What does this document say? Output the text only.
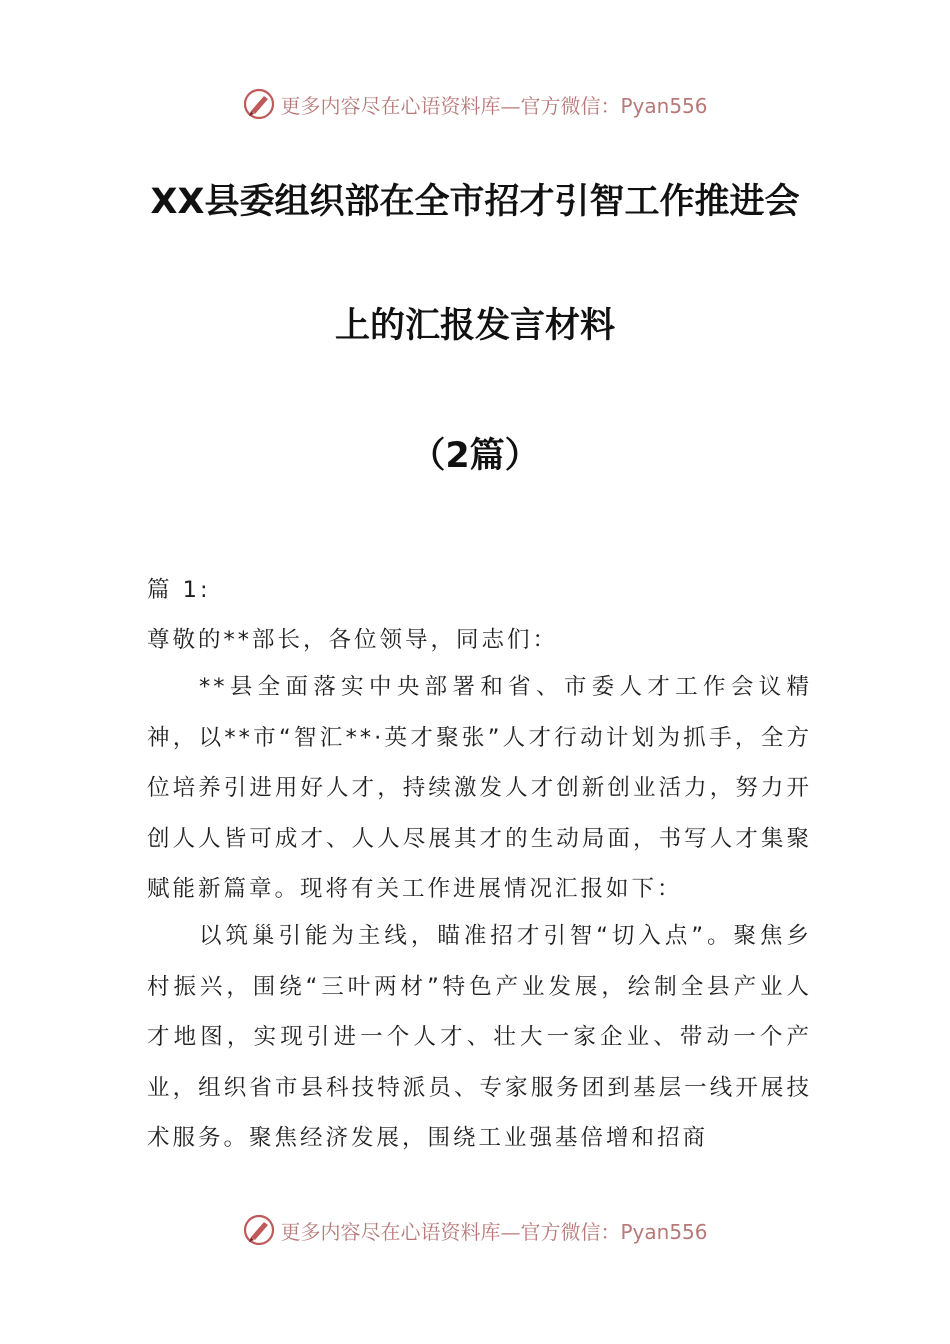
更多内容尽在心语资料库—官方微信：Pyan556
XX县委组织部在全市招才引智工作推进会
上的汇报发言材料
（2篇）
篇 1:
尊敬的**部长，各位领导，同志们：

**县全面落实中央部署和省、市委人才工作会议精神，以**市“智汇**·英才聚张”人才行动计划为抓手，全方位培养引进用好人才，持续激发人才创新创业活力，努力开创人人皆可成才、人人尽展其才的生动局面，书写人才集聚赋能新篇章。现将有关工作进展情况汇报如下：

以筑巢引能为主线，瞄准招才引智“切入点”。聚焦乡村振兴，围绕“三叶两材”特色产业发展，绘制全县产业人才地图，实现引进一个人才、壮大一家企业、带动一个产业，组织省市县科技特派员、专家服务团到基层一线开展技术服务。聚焦经济发展，围绕工业强基倍增和招商

更多内容尽在心语资料库—官方微信：Pyan556
